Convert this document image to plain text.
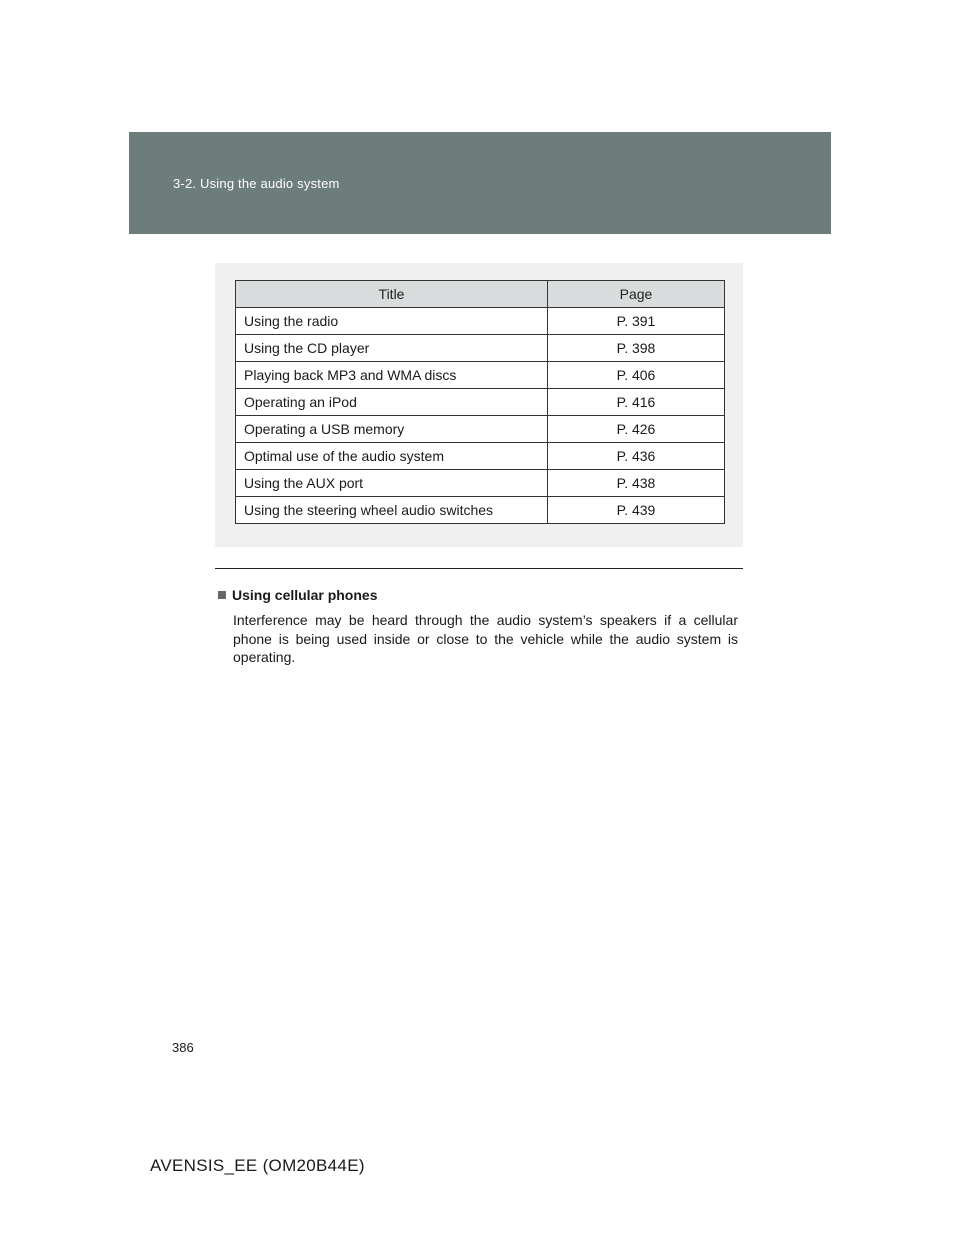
3-2. Using the audio system
Title	Page
Using the radio	P. 391
Using the CD player	P. 398
Playing back MP3 and WMA discs	P. 406
Operating an iPod	P. 416
Operating a USB memory	P. 426
Optimal use of the audio system	P. 436
Using the AUX port	P. 438
Using the steering wheel audio switches	P. 439
Using cellular phones
Interference may be heard through the audio system’s speakers if a cellular phone is being used inside or close to the vehicle while the audio system is operating.
386
AVENSIS_EE (OM20B44E)
